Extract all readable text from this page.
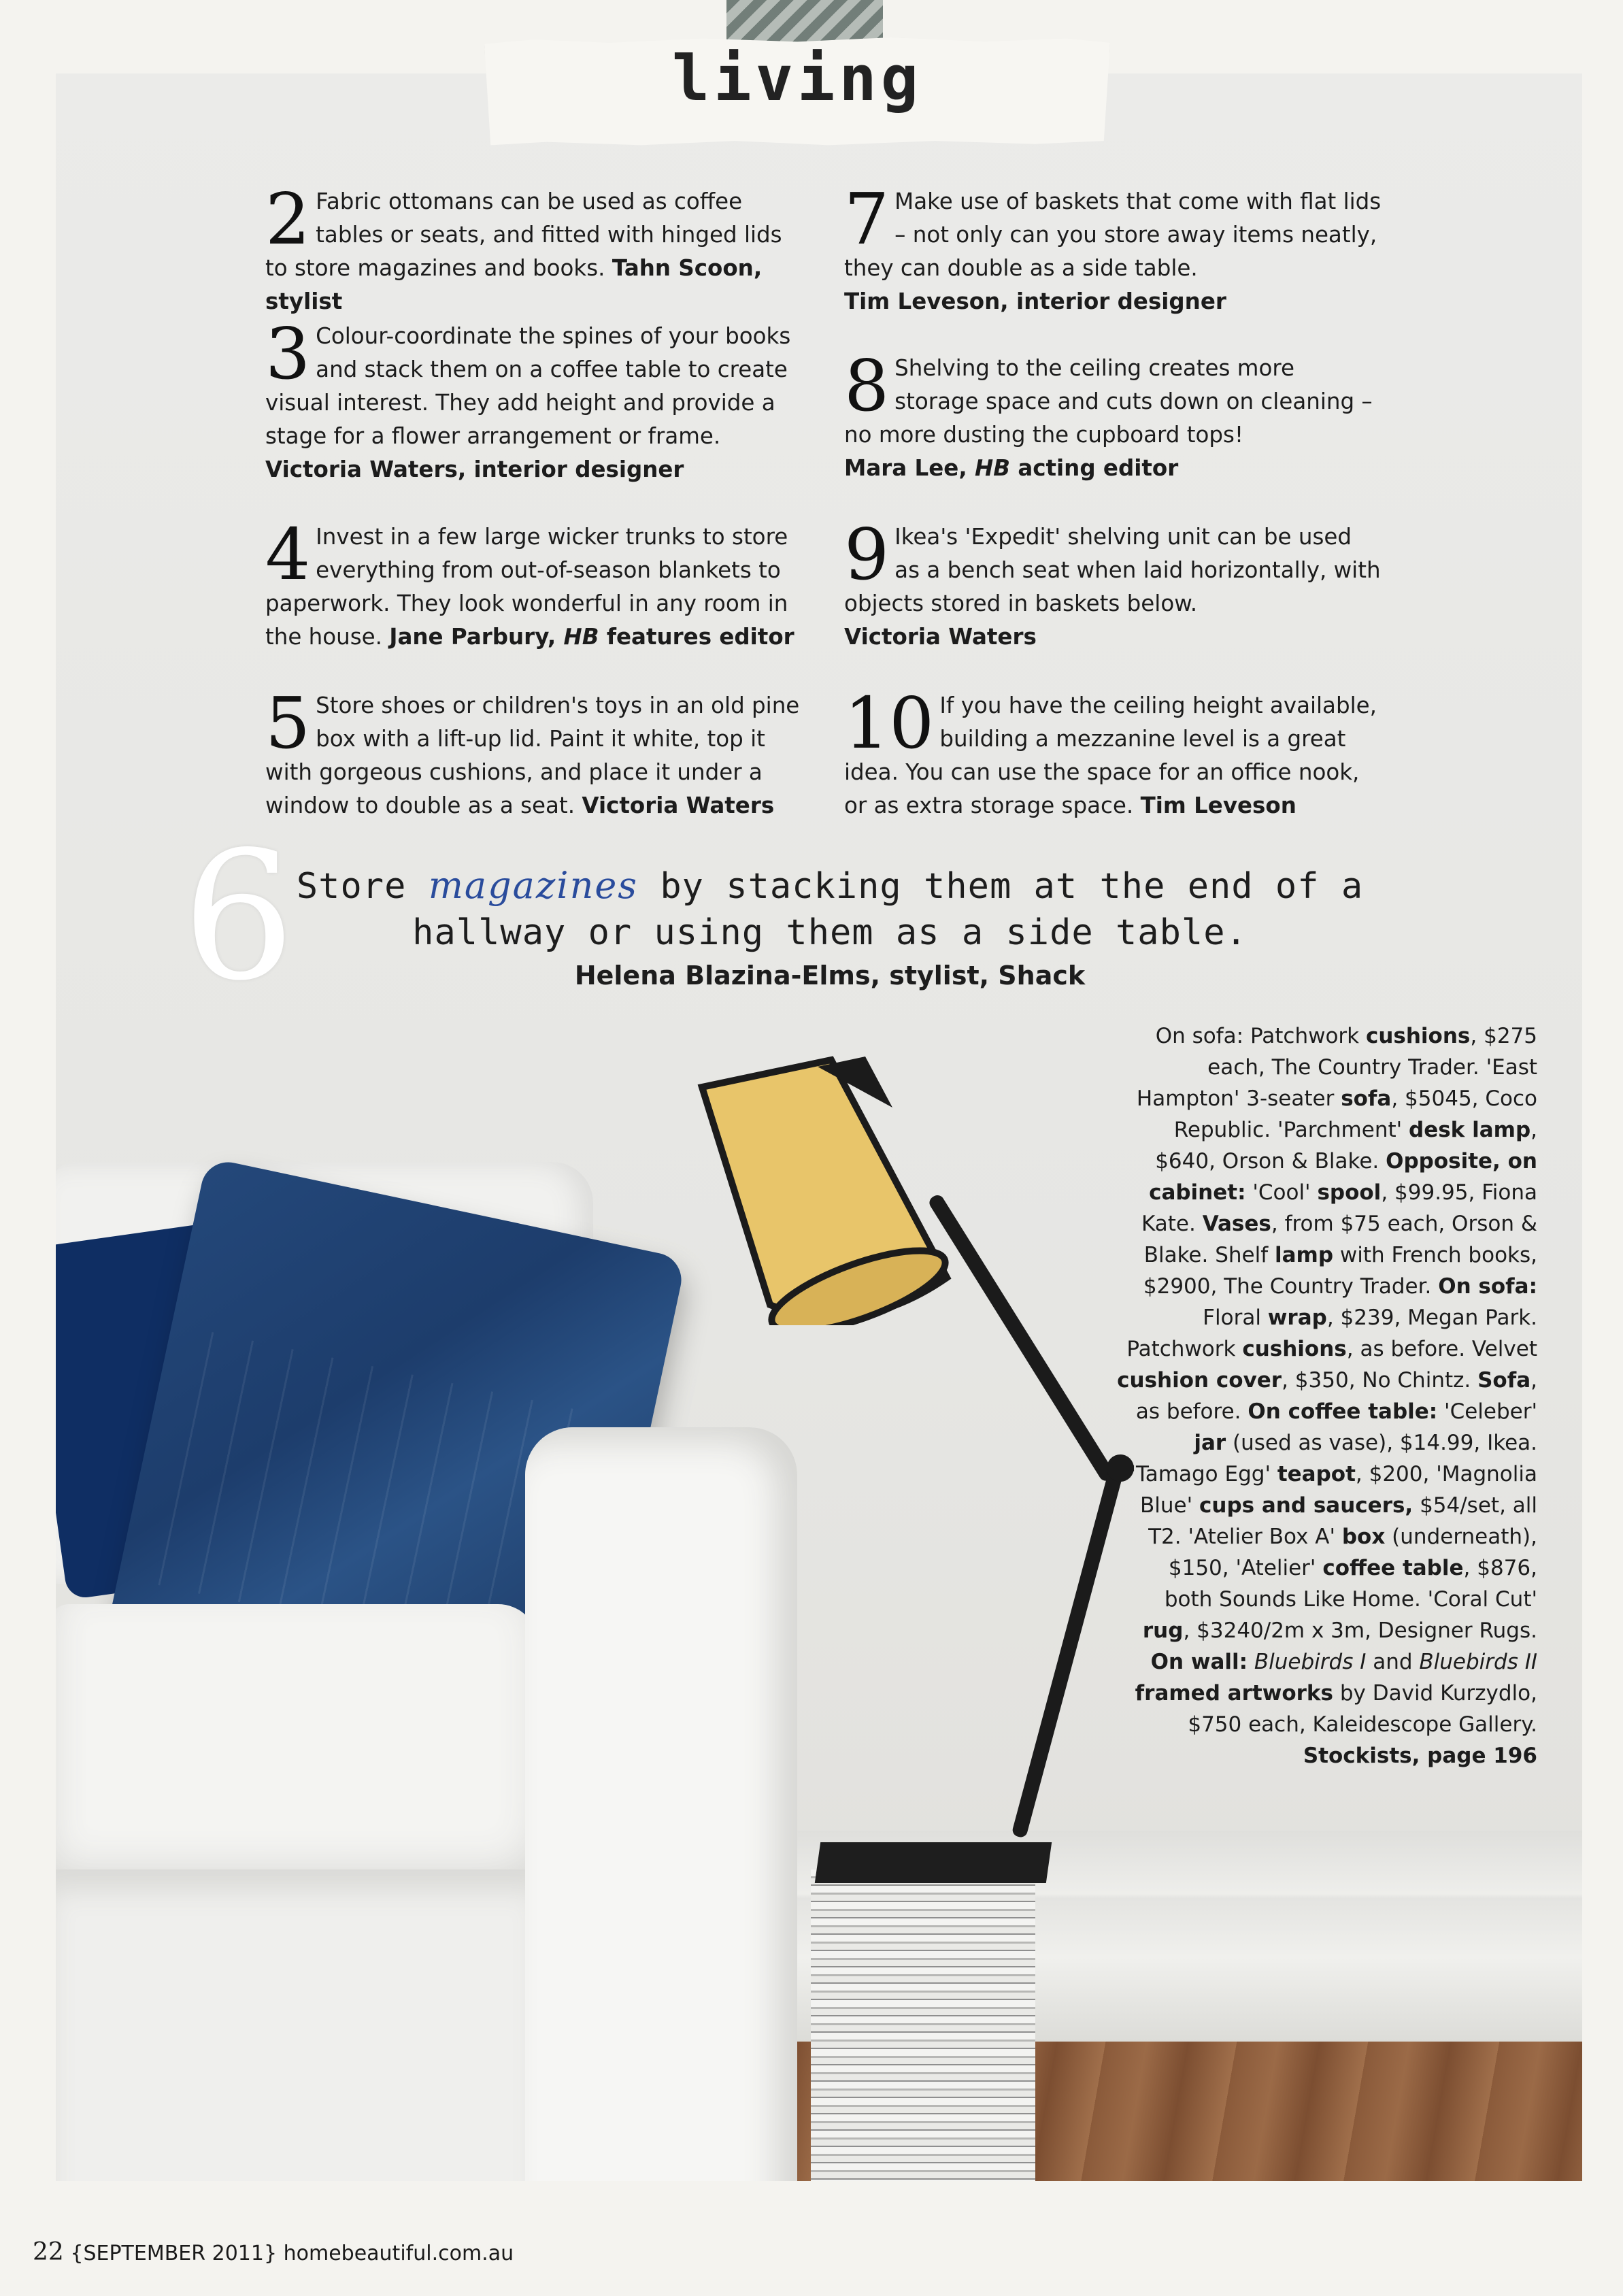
living
2 Fabric ottomans can be used as coffee tables or seats, and fitted with hinged lids to store magazines and books. Tahn Scoon, stylist
3 Colour-coordinate the spines of your books and stack them on a coffee table to create visual interest. They add height and provide a stage for a flower arrangement or frame.
Victoria Waters, interior designer
4 Invest in a few large wicker trunks to store everything from out-of-season blankets to paperwork. They look wonderful in any room in the house. Jane Parbury, HB features editor
5 Store shoes or children's toys in an old pine box with a lift-up lid. Paint it white, top it with gorgeous cushions, and place it under a window to double as a seat. Victoria Waters
7 Make use of baskets that come with flat lids – not only can you store away items neatly, they can double as a side table.
Tim Leveson, interior designer
8 Shelving to the ceiling creates more storage space and cuts down on cleaning – no more dusting the cupboard tops!
Mara Lee, HB acting editor
9 Ikea's 'Expedit' shelving unit can be used as a bench seat when laid horizontally, with objects stored in baskets below.
Victoria Waters
10 If you have the ceiling height available, building a mezzanine level is a great idea. You can use the space for an office nook, or as extra storage space. Tim Leveson
6 Store magazines by stacking them at the end of a hallway or using them as a side table.
Helena Blazina-Elms, stylist, Shack
On sofa: Patchwork cushions, $275 each, The Country Trader. 'East Hampton' 3-seater sofa, $5045, Coco Republic. 'Parchment' desk lamp, $640, Orson & Blake. Opposite, on cabinet: 'Cool' spool, $99.95, Fiona Kate. Vases, from $75 each, Orson & Blake. Shelf lamp with French books, $2900, The Country Trader. On sofa: Floral wrap, $239, Megan Park. Patchwork cushions, as before. Velvet cushion cover, $350, No Chintz. Sofa, as before. On coffee table: 'Celeber' jar (used as vase), $14.99, Ikea. 'Tamago Egg' teapot, $200, 'Magnolia Blue' cups and saucers, $54/set, all T2. 'Atelier Box A' box (underneath), $150, 'Atelier' coffee table, $876, both Sounds Like Home. 'Coral Cut' rug, $3240/2m x 3m, Designer Rugs. On wall: Bluebirds I and Bluebirds II framed artworks by David Kurzydlo, $750 each, Kaleidescope Gallery. Stockists, page 196
22 {SEPTEMBER 2011} homebeautiful.com.au
